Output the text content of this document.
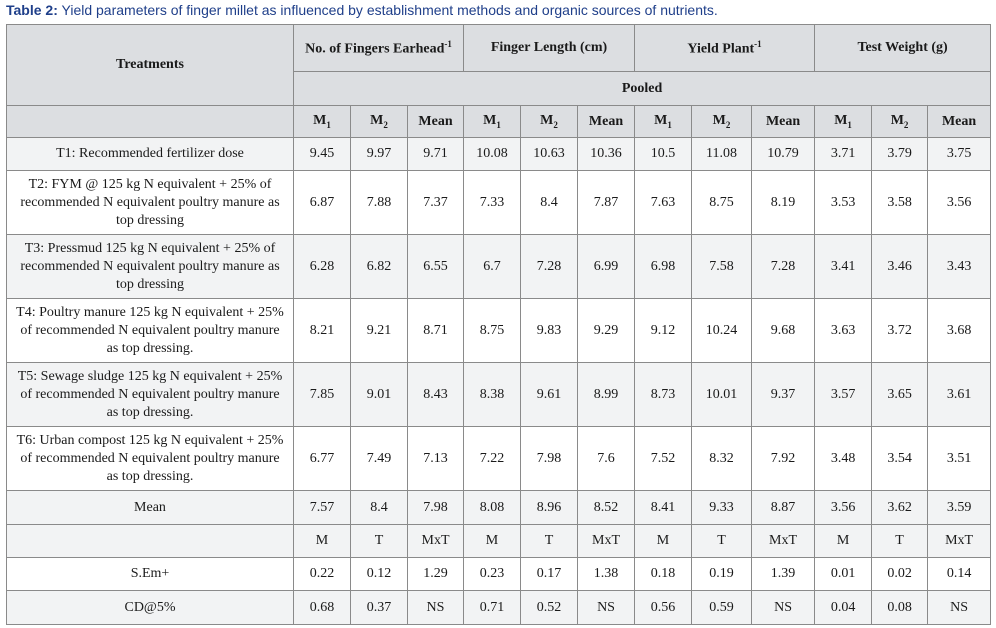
Table 2: Yield parameters of finger millet as influenced by establishment methods and organic sources of nutrients.
Treatments	No. of Fingers Earhead$^{-1}$			Finger Length (cm)			Yield Plant$^{-1}$			Test Weight (g)		
	Pooled											
	$M_1$	$M_2$	Mean	$M_1$	$M_2$	Mean	$M_1$	$M_2$	Mean	$M_1$	$M_2$	Mean
T1: Recommended fertilizer dose	9.45	9.97	9.71	10.08	10.63	10.36	10.5	11.08	10.79	3.71	3.79	3.75
T2: FYM @ 125 kg N equivalent + 25% of recommended N equivalent poultry manure as top dressing	6.87	7.88	7.37	7.33	8.4	7.87	7.63	8.75	8.19	3.53	3.58	3.56
T3: Pressmud 125 kg N equivalent + 25% of recommended N equivalent poultry manure as top dressing	6.28	6.82	6.55	6.7	7.28	6.99	6.98	7.58	7.28	3.41	3.46	3.43
T4: Poultry manure 125 kg N equivalent + 25% of recommended N equivalent poultry manure as top dressing.	8.21	9.21	8.71	8.75	9.83	9.29	9.12	10.24	9.68	3.63	3.72	3.68
T5: Sewage sludge 125 kg N equivalent + 25% of recommended N equivalent poultry manure as top dressing.	7.85	9.01	8.43	8.38	9.61	8.99	8.73	10.01	9.37	3.57	3.65	3.61
T6: Urban compost 125 kg N equivalent + 25% of recommended N equivalent poultry manure as top dressing.	6.77	7.49	7.13	7.22	7.98	7.6	7.52	8.32	7.92	3.48	3.54	3.51
Mean	7.57	8.4	7.98	8.08	8.96	8.52	8.41	9.33	8.87	3.56	3.62	3.59
	M	T	MxT	M	T	MxT	M	T	MxT	M	T	MxT
S.Em+	0.22	0.12	1.29	0.23	0.17	1.38	0.18	0.19	1.39	0.01	0.02	0.14
CD@5%	0.68	0.37	NS	0.71	0.52	NS	0.56	0.59	NS	0.04	0.08	NS
